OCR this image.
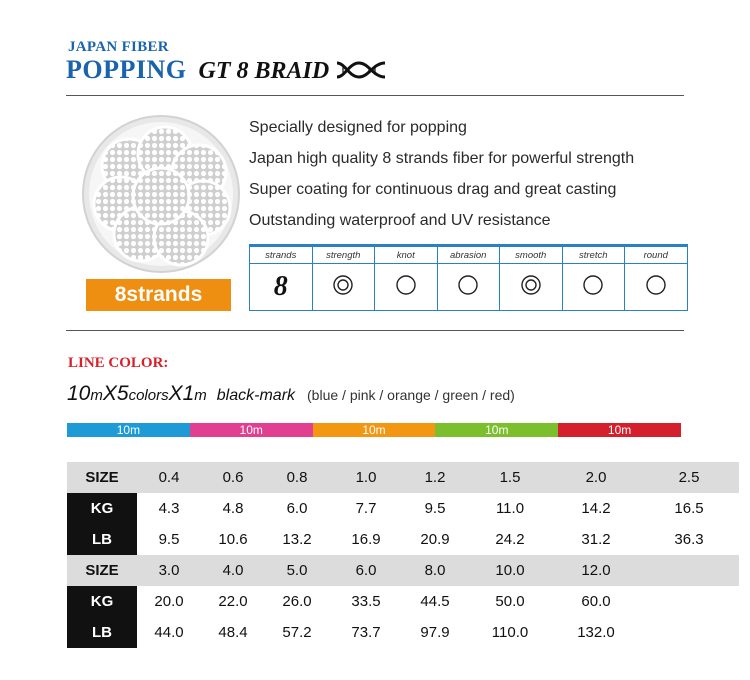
JAPAN FIBER
POPPING GT 8 BRAID
8strands
Specially designed for popping
Japan high quality 8 strands fiber for powerful strength
Super coating for continuous drag and great casting
Outstanding waterproof and UV resistance
strands	strength	knot	abrasion	smooth	stretch	round
8						
LINE COLOR:
10mX5colorsX1m black-mark (blue / pink / orange / green / red)
10m	10m	10m	10m	10m
SIZE	0.4	0.6	0.8	1.0	1.2	1.5	2.0	2.5
KG	4.3	4.8	6.0	7.7	9.5	11.0	14.2	16.5
LB	9.5	10.6	13.2	16.9	20.9	24.2	31.2	36.3
SIZE	3.0	4.0	5.0	6.0	8.0	10.0	12.0	
KG	20.0	22.0	26.0	33.5	44.5	50.0	60.0	
LB	44.0	48.4	57.2	73.7	97.9	110.0	132.0	
